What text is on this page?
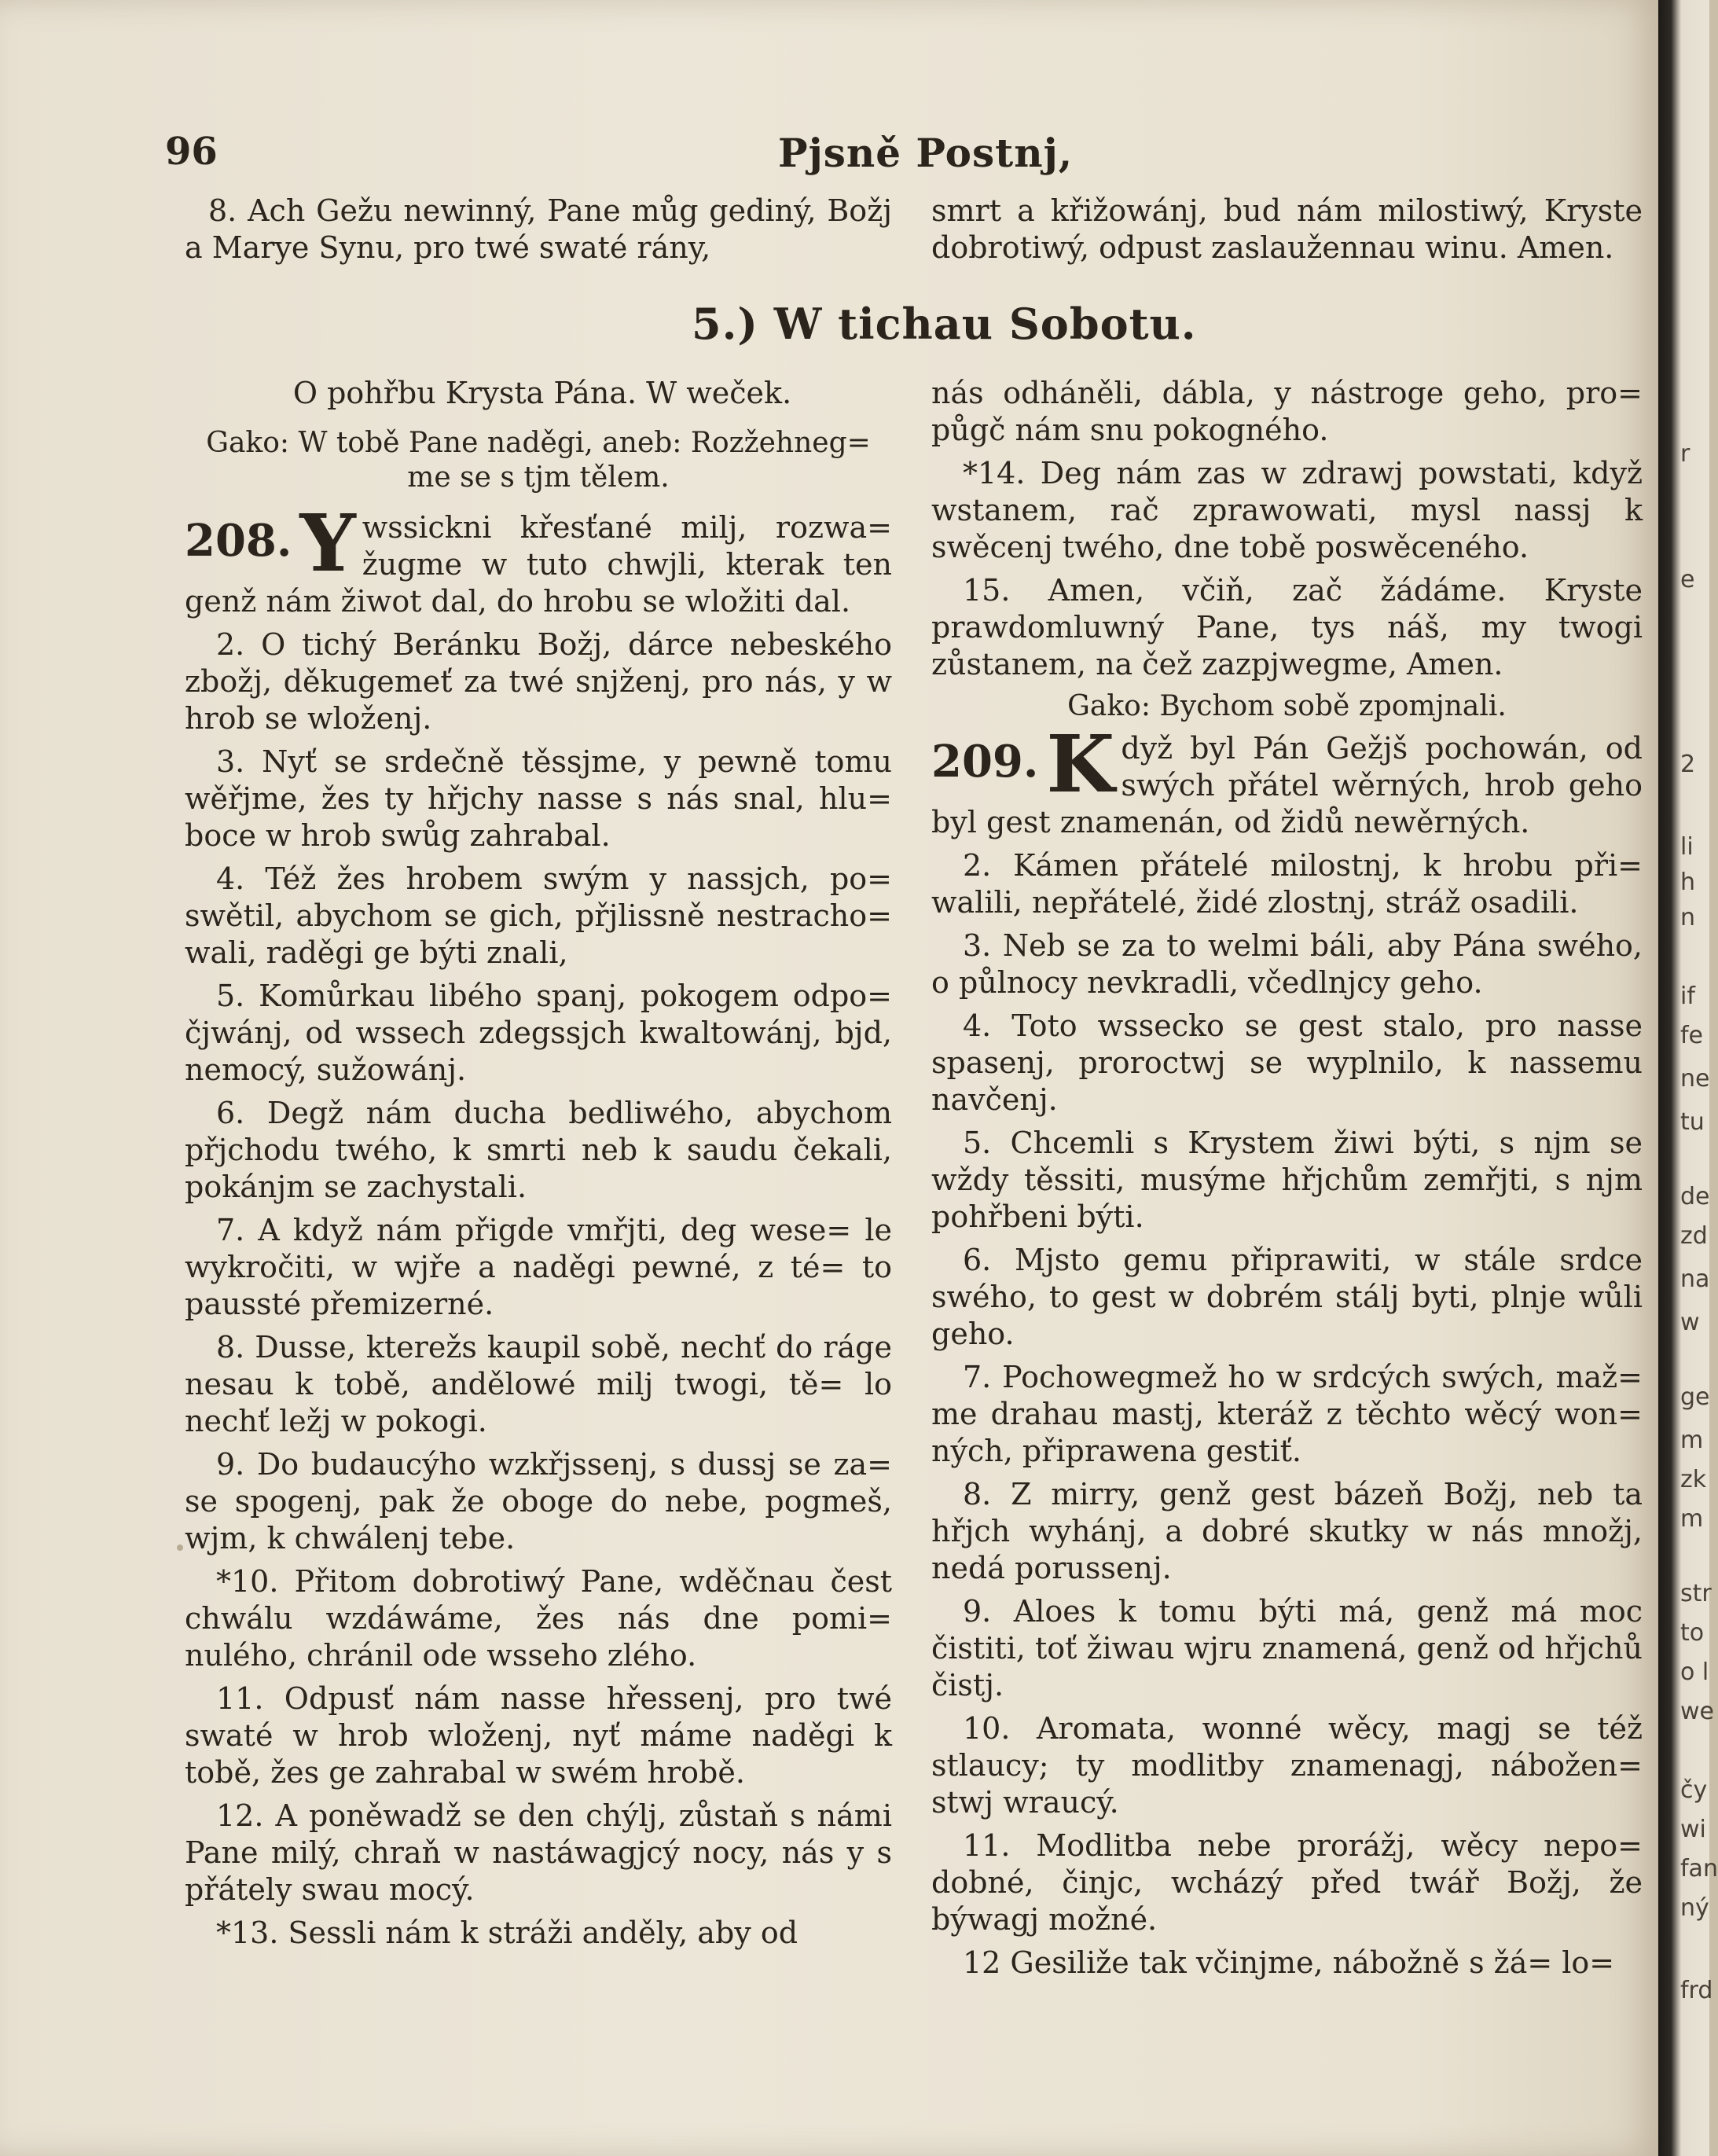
r
e
2
li
h
n
if
fe
ne
tu
de
zd
na
w
ge
m
zk
m
str
to
o l
we
čy
wi
fan
ný
frd
96	Pjsně Postnj,

8. Ach Gežu newinný, Pane můg gediný, Božj a Marye Synu, pro twé swaté rány,

O pohřbu Krysta Pána. W weček.

Gako: W tobě Pane naděgi, aneb: Rozžehneg= me se s tjm tělem.

208. Y wssickni křesťané milj, rozwa= žugme w tuto chwjli, kterak ten genž nám žiwot dal, do hrobu se wložiti dal.

2. O tichý Beránku Božj, dárce nebeského zbožj, děkugemeť za twé snjženj, pro nás, y w hrob se wloženj.

3. Nyť se srdečně těssjme, y pewně tomu wěřjme, žes ty hřjchy nasse s nás snal, hlu= boce w hrob swůg zahrabal.

4. Též žes hrobem swým y nassjch, po= swětil, abychom se gich, přjlissně nestracho= wali, raděgi ge býti znali,

5. Komůrkau libého spanj, pokogem odpo= čjwánj, od wssech zdegssjch kwaltowánj, bjd, nemocý, sužowánj.

6. Degž nám ducha bedliwého, abychom přjchodu twého, k smrti neb k saudu čekali, pokánjm se zachystali.

7. A když nám přigde vmřjti, deg wese= le wykročiti, w wjře a naděgi pewné, z té= to paussté přemizerné.

8. Dusse, kterežs kaupil sobě, nechť do ráge nesau k tobě, andělowé milj twogi, tě= lo nechť ležj w pokogi.

9. Do budaucýho wzkřjssenj, s dussj se za= se spogenj, pak že oboge do nebe, pogmeš, wjm, k chwálenj tebe.

*10. Přitom dobrotiwý Pane, wděčnau čest chwálu wzdáwáme, žes nás dne pomi= nulého, chránil ode wsseho zlého.

11. Odpusť nám nasse hřessenj, pro twé swaté w hrob wloženj, nyť máme naděgi k tobě, žes ge zahrabal w swém hrobě.

12. A poněwadž se den chýlj, zůstaň s námi Pane milý, chraň w nastáwagjcý nocy, nás y s přátely swau mocý.

*13. Sessli nám k stráži anděly, aby od

5.) W tichau Sobotu.

smrt a křižowánj, bud nám milostiwý, Kryste dobrotiwý, odpust zaslaužennau winu. Amen.

nás odháněli, dábla, y nástroge geho, pro= půgč nám snu pokogného.

*14. Deg nám zas w zdrawj powstati, když wstanem, rač zprawowati, mysl nassj k swěcenj twého, dne tobě poswěceného.

15. Amen, včiň, zač žádáme. Kryste prawdomluwný Pane, tys náš, my twogi zůstanem, na čež zazpjwegme, Amen.

Gako: Bychom sobě zpomjnali.

209. K dyž byl Pán Gežjš pochowán, od swých přátel wěrných, hrob geho byl gest znamenán, od židů newěrných.

2. Kámen přátelé milostnj, k hrobu při= walili, nepřátelé, židé zlostnj, stráž osadili.

3. Neb se za to welmi báli, aby Pána swého, o půlnocy nevkradli, včedlnjcy geho.

4. Toto wssecko se gest stalo, pro nasse spasenj, proroctwj se wyplnilo, k nassemu navčenj.

5. Chcemli s Krystem žiwi býti, s njm se wždy těssiti, musýme hřjchům zemřjti, s njm pohřbeni býti.

6. Mjsto gemu připrawiti, w stále srdce swého, to gest w dobrém stálj byti, plnje wůli geho.

7. Pochowegmež ho w srdcých swých, maž= me drahau mastj, kteráž z těchto wěcý won= ných, připrawena gestiť.

8. Z mirry, genž gest bázeň Božj, neb ta hřjch wyhánj, a dobré skutky w nás množj, nedá porussenj.

9. Aloes k tomu býti má, genž má moc čistiti, toť žiwau wjru znamená, genž od hřjchů čistj.

10. Aromata, wonné wěcy, magj se též stlaucy; ty modlitby znamenagj, nábožen= stwj wraucý.

11. Modlitba nebe prorážj, wěcy nepo= dobné, činjc, wcházý před twář Božj, že býwagj možné.

12 Gesiliže tak včinjme, nábožně s žá= lo=
